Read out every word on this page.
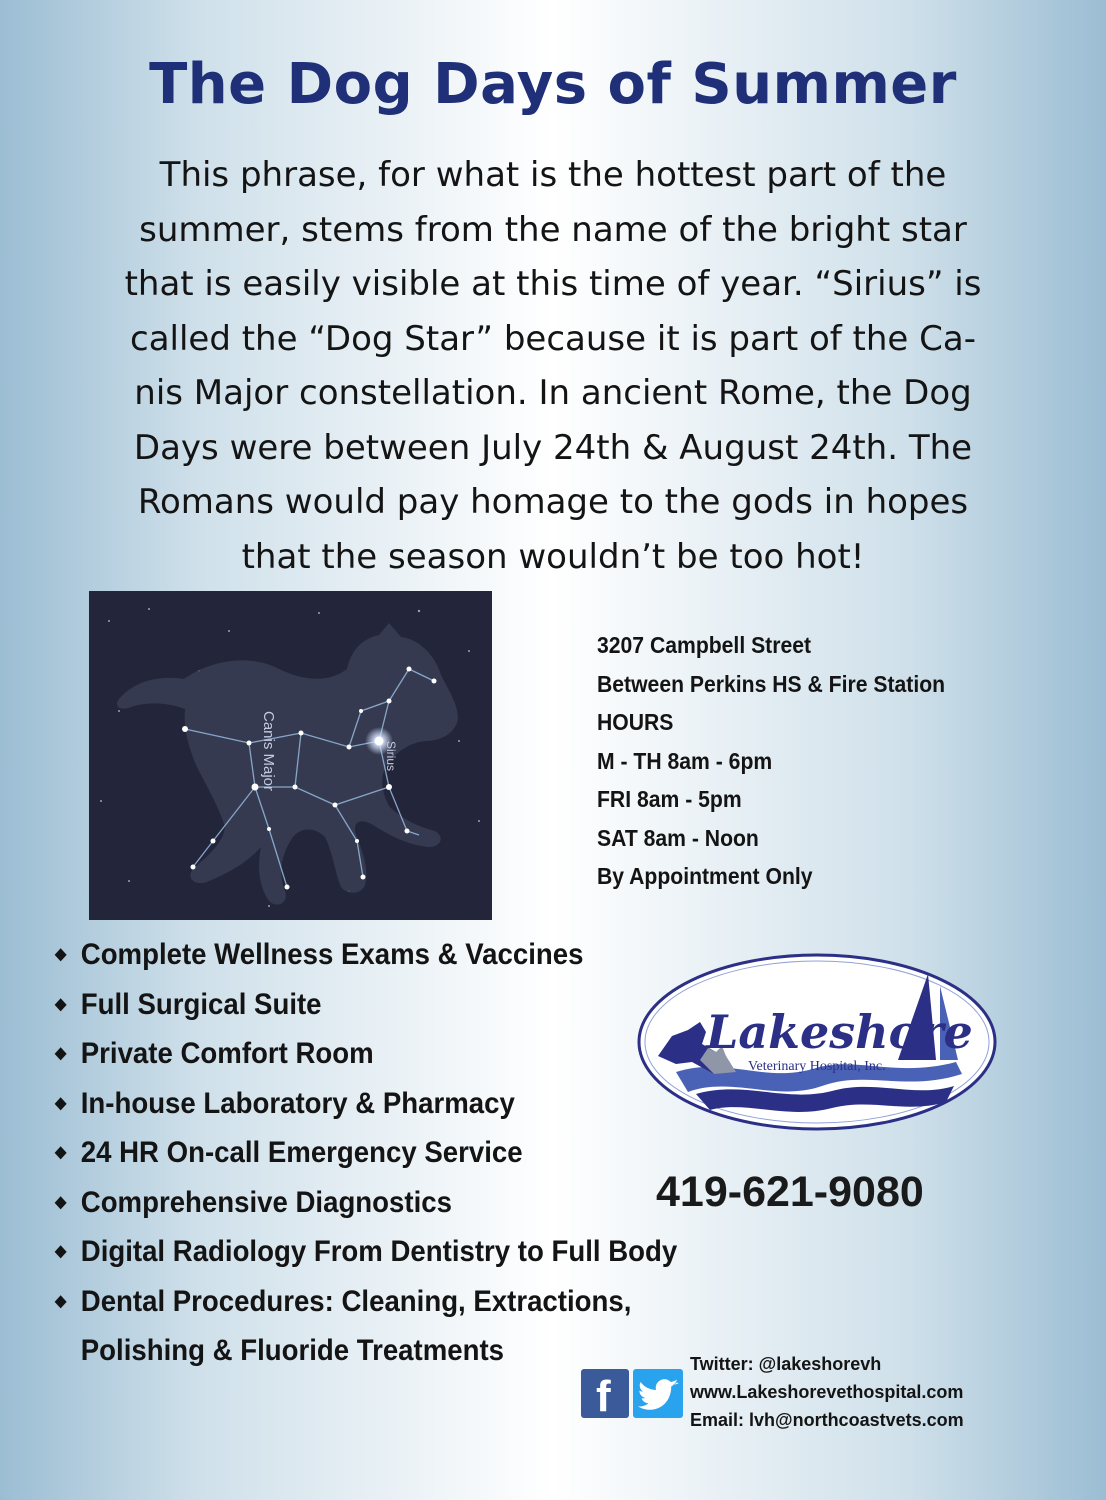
The Dog Days of Summer
This phrase, for what is the hottest part of the
summer, stems from the name of the bright star
that is easily visible at this time of year. “Sirius” is
called the “Dog Star” because it is part of the Ca-
nis Major constellation. In ancient Rome, the Dog
Days were between July 24th & August 24th. The
Romans would pay homage to the gods in hopes
that the season wouldn’t be too hot!
Canis Major	Sirius
3207 Campbell Street
Between Perkins HS & Fire Station
HOURS
M - TH 8am - 6pm
FRI 8am - 5pm
SAT 8am - Noon
By Appointment Only
◆ Complete Wellness Exams & Vaccines
◆ Full Surgical Suite
◆ Private Comfort Room
◆ In-house Laboratory & Pharmacy
◆ 24 HR On-call Emergency Service
◆ Comprehensive Diagnostics
◆ Digital Radiology From Dentistry to Full Body
◆ Dental Procedures: Cleaning, Extractions,
Polishing & Fluoride Treatments
Lakeshore
Veterinary Hospital, Inc.
419-621-9080
f
Twitter: @lakeshorevh
www.Lakeshorevethospital.com
Email: lvh@northcoastvets.com
